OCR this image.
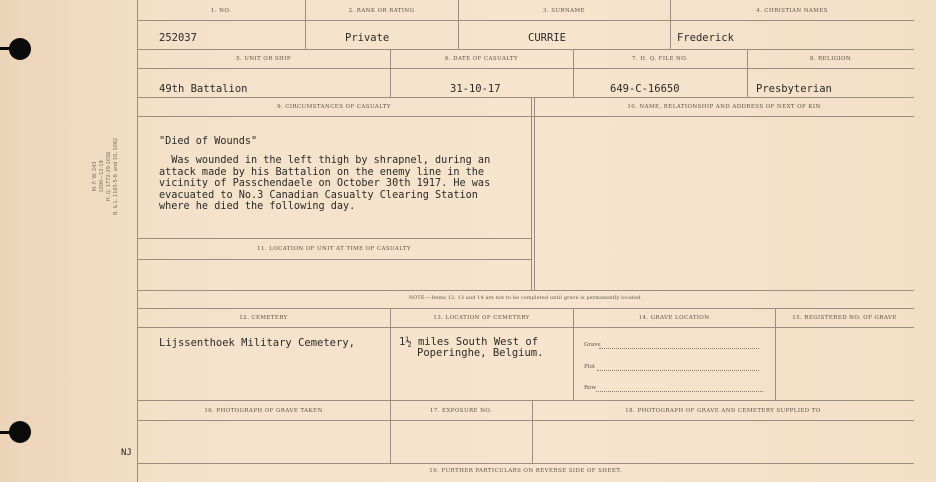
M. F. W. 243 1000—12-19 H. Q. 1772-39-1036 B. & L. 1165-5-8. and 10, 1062
NJ
1. NO.	2. RANK OR RATING	3. SURNAME	4. CHRISTIAN NAMES
252037	Private	CURRIE	Frederick
5. UNIT OR SHIP	6. DATE OF CASUALTY	7. H. Q. FILE NO.	8. RELIGION
49th Battalion	31-10-17	649-C-16650	Presbyterian
9. CIRCUMSTANCES OF CASUALTY	10. NAME, RELATIONSHIP AND ADDRESS OF NEXT OF KIN
"Died of Wounds"
Was wounded in the left thigh by shrapnel, during an
attack made by his Battalion on the enemy line in the
vicinity of Passchendaele on October 30th 1917. He was
evacuated to No.3 Canadian Casualty Clearing Station
where he died the following day.
11. LOCATION OF UNIT AT TIME OF CASUALTY
NOTE:—Items 12, 13 and 14 are not to be completed until grave is permanently located.
12. CEMETERY	13. LOCATION OF CEMETERY	14. GRAVE LOCATION	15. REGISTERED NO. OF GRAVE
Lijssenthoek Military Cemetery,	1½ miles South West of
Poperinghe, Belgium.
Grave
Plot
Row
16. PHOTOGRAPH OF GRAVE TAKEN	17. EXPOSURE NO.	18. PHOTOGRAPH OF GRAVE AND CEMETERY SUPPLIED TO
19. FURTHER PARTICULARS ON REVERSE SIDE OF SHEET.
